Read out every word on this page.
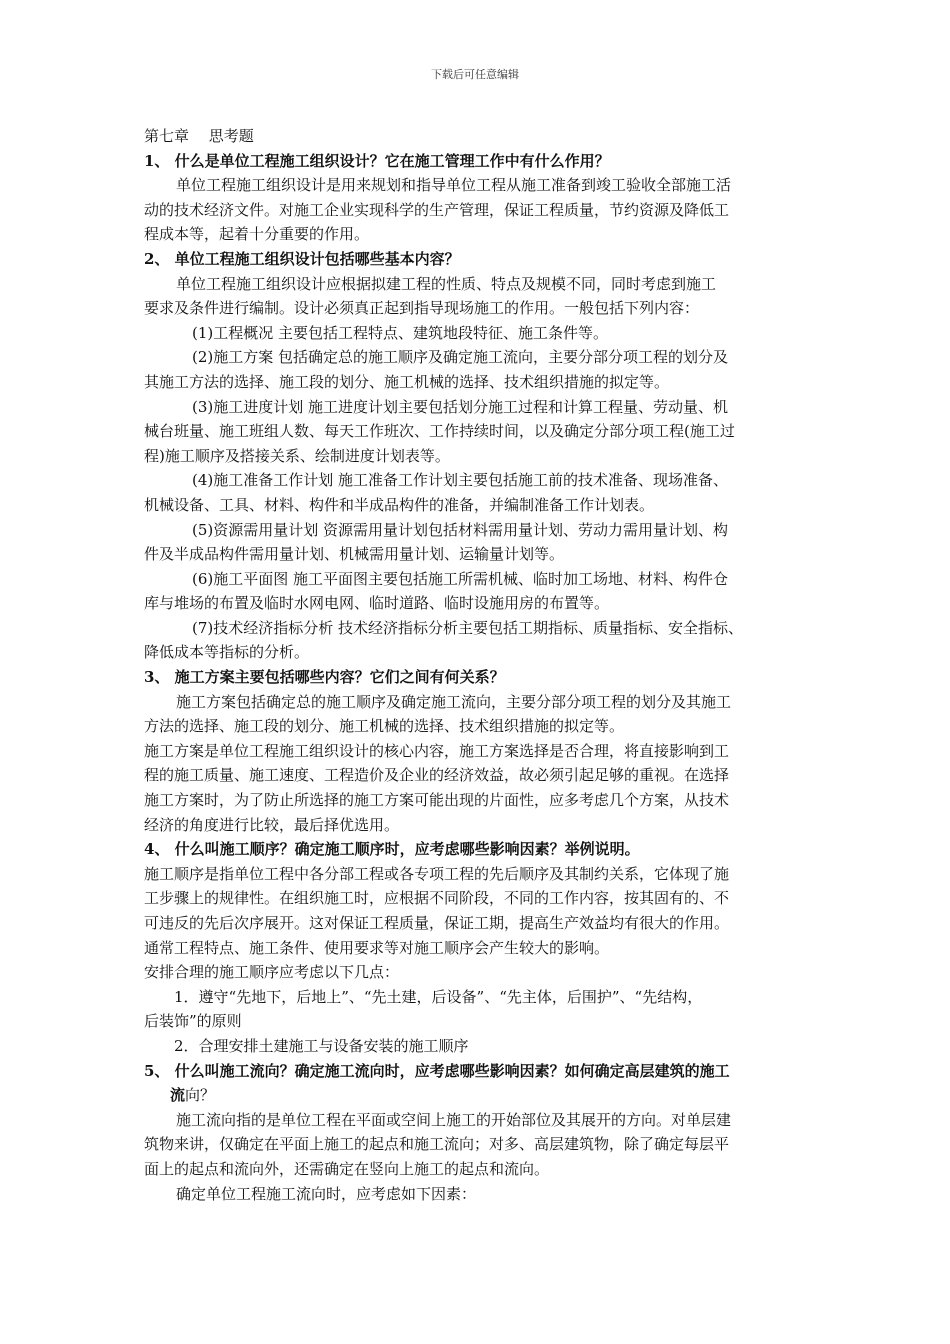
下载后可任意编辑
第七章　 思考题
1、 什么是单位工程施工组织设计？它在施工管理工作中有什么作用？
单位工程施工组织设计是用来规划和指导单位工程从施工准备到竣工验收全部施工活
动的技术经济文件。对施工企业实现科学的生产管理，保证工程质量，节约资源及降低工
程成本等，起着十分重要的作用。
2、 单位工程施工组织设计包括哪些基本内容？
单位工程施工组织设计应根据拟建工程的性质、特点及规模不同，同时考虑到施工
要求及条件进行编制。设计必须真正起到指导现场施工的作用。一般包括下列内容：
(1)工程概况 主要包括工程特点、建筑地段特征、施工条件等。
(2)施工方案 包括确定总的施工顺序及确定施工流向，主要分部分项工程的划分及
其施工方法的选择、施工段的划分、施工机械的选择、技术组织措施的拟定等。
(3)施工进度计划 施工进度计划主要包括划分施工过程和计算工程量、劳动量、机
械台班量、施工班组人数、每天工作班次、工作持续时间，以及确定分部分项工程(施工过
程)施工顺序及搭接关系、绘制进度计划表等。
(4)施工准备工作计划 施工准备工作计划主要包括施工前的技术准备、现场准备、
机械设备、工具、材料、构件和半成品构件的准备，并编制准备工作计划表。
(5)资源需用量计划 资源需用量计划包括材料需用量计划、劳动力需用量计划、构
件及半成品构件需用量计划、机械需用量计划、运输量计划等。
(6)施工平面图 施工平面图主要包括施工所需机械、临时加工场地、材料、构件仓
库与堆场的布置及临时水网电网、临时道路、临时设施用房的布置等。
(7)技术经济指标分析 技术经济指标分析主要包括工期指标、质量指标、安全指标、
降低成本等指标的分析。
3、 施工方案主要包括哪些内容？它们之间有何关系？
施工方案包括确定总的施工顺序及确定施工流向，主要分部分项工程的划分及其施工
方法的选择、施工段的划分、施工机械的选择、技术组织措施的拟定等。
施工方案是单位工程施工组织设计的核心内容，施工方案选择是否合理，将直接影响到工
程的施工质量、施工速度、工程造价及企业的经济效益，故必须引起足够的重视。在选择
施工方案时，为了防止所选择的施工方案可能出现的片面性，应多考虑几个方案，从技术
经济的角度进行比较，最后择优选用。
4、 什么叫施工顺序？确定施工顺序时，应考虑哪些影响因素？举例说明。
施工顺序是指单位工程中各分部工程或各专项工程的先后顺序及其制约关系，它体现了施
工步骤上的规律性。在组织施工时，应根据不同阶段，不同的工作内容，按其固有的、不
可违反的先后次序展开。这对保证工程质量，保证工期，提高生产效益均有很大的作用。
通常工程特点、施工条件、使用要求等对施工顺序会产生较大的影响。
安排合理的施工顺序应考虑以下几点：
1．遵守“先地下，后地上”、“先土建，后设备”、“先主体，后围护”、“先结构，
后装饰”的原则
2．合理安排土建施工与设备安装的施工顺序
5、 什么叫施工流向？确定施工流向时，应考虑哪些影响因素？如何确定高层建筑的施工
流向？
施工流向指的是单位工程在平面或空间上施工的开始部位及其展开的方向。对单层建
筑物来讲，仅确定在平面上施工的起点和施工流向；对多、高层建筑物，除了确定每层平
面上的起点和流向外，还需确定在竖向上施工的起点和流向。
确定单位工程施工流向时，应考虑如下因素：
